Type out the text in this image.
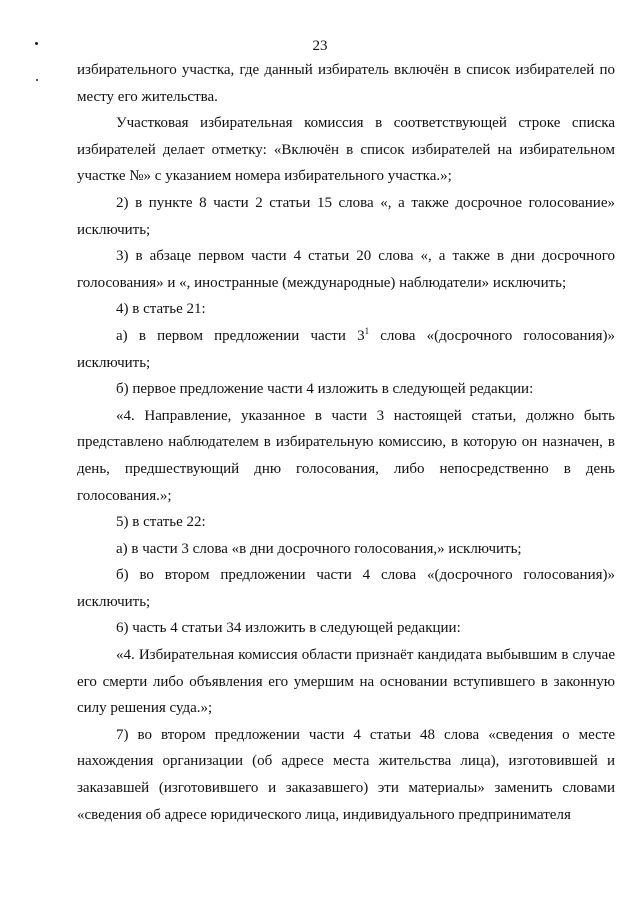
23

избирательного участка, где данный избиратель включён в список избирателей по месту его жительства.

Участковая избирательная комиссия в соответствующей строке списка избирателей делает отметку: «Включён в список избирателей на избирательном участке №» с указанием номера избирательного участка.»;

2) в пункте 8 части 2 статьи 15 слова «, а также досрочное голосование» исключить;

3) в абзаце первом части 4 статьи 20 слова «, а также в дни досрочного голосования» и «, иностранные (международные) наблюдатели» исключить;

4) в статье 21:

а) в первом предложении части $3^1$ слова «(досрочного голосования)» исключить;

б) первое предложение части 4 изложить в следующей редакции:

«4. Направление, указанное в части 3 настоящей статьи, должно быть представлено наблюдателем в избирательную комиссию, в которую он назначен, в день, предшествующий дню голосования, либо непосредственно в день голосования.»;

5) в статье 22:

а) в части 3 слова «в дни досрочного голосования,» исключить;

б) во втором предложении части 4 слова «(досрочного голосования)» исключить;

6) часть 4 статьи 34 изложить в следующей редакции:

«4. Избирательная комиссия области признаёт кандидата выбывшим в случае его смерти либо объявления его умершим на основании вступившего в законную силу решения суда.»;

7) во втором предложении части 4 статьи 48 слова «сведения о месте нахождения организации (об адресе места жительства лица), изготовившей и заказавшей (изготовившего и заказавшего) эти материалы» заменить словами «сведения об адресе юридического лица, индивидуального предпринимателя
